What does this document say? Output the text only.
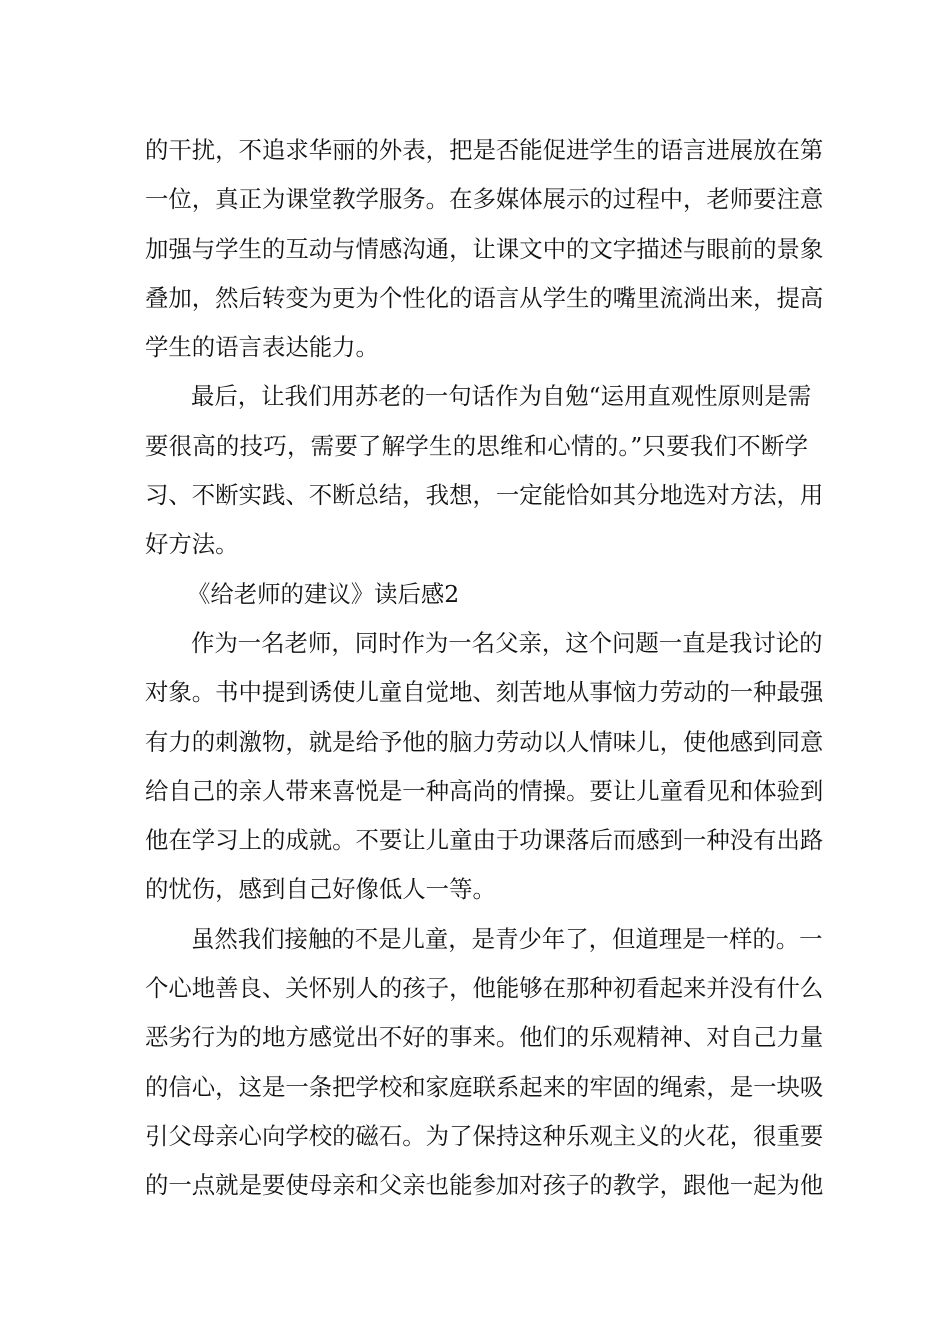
的干扰，不追求华丽的外表，把是否能促进学生的语言进展放在第
一位，真正为课堂教学服务。在多媒体展示的过程中，老师要注意
加强与学生的互动与情感沟通，让课文中的文字描述与眼前的景象
叠加，然后转变为更为个性化的语言从学生的嘴里流淌出来，提高
学生的语言表达能力。
最后，让我们用苏老的一句话作为自勉“运用直观性原则是需
要很高的技巧，需要了解学生的思维和心情的。”只要我们不断学
习、不断实践、不断总结，我想，一定能恰如其分地选对方法，用
好方法。
《给老师的建议》读后感2
作为一名老师，同时作为一名父亲，这个问题一直是我讨论的
对象。书中提到诱使儿童自觉地、刻苦地从事恼力劳动的一种最强
有力的刺激物，就是给予他的脑力劳动以人情味儿，使他感到同意
给自己的亲人带来喜悦是一种高尚的情操。要让儿童看见和体验到
他在学习上的成就。不要让儿童由于功课落后而感到一种没有出路
的忧伤，感到自己好像低人一等。
虽然我们接触的不是儿童，是青少年了，但道理是一样的。一
个心地善良、关怀别人的孩子，他能够在那种初看起来并没有什么
恶劣行为的地方感觉出不好的事来。他们的乐观精神、对自己力量
的信心，这是一条把学校和家庭联系起来的牢固的绳索，是一块吸
引父母亲心向学校的磁石。为了保持这种乐观主义的火花，很重要
的一点就是要使母亲和父亲也能参加对孩子的教学，跟他一起为他
